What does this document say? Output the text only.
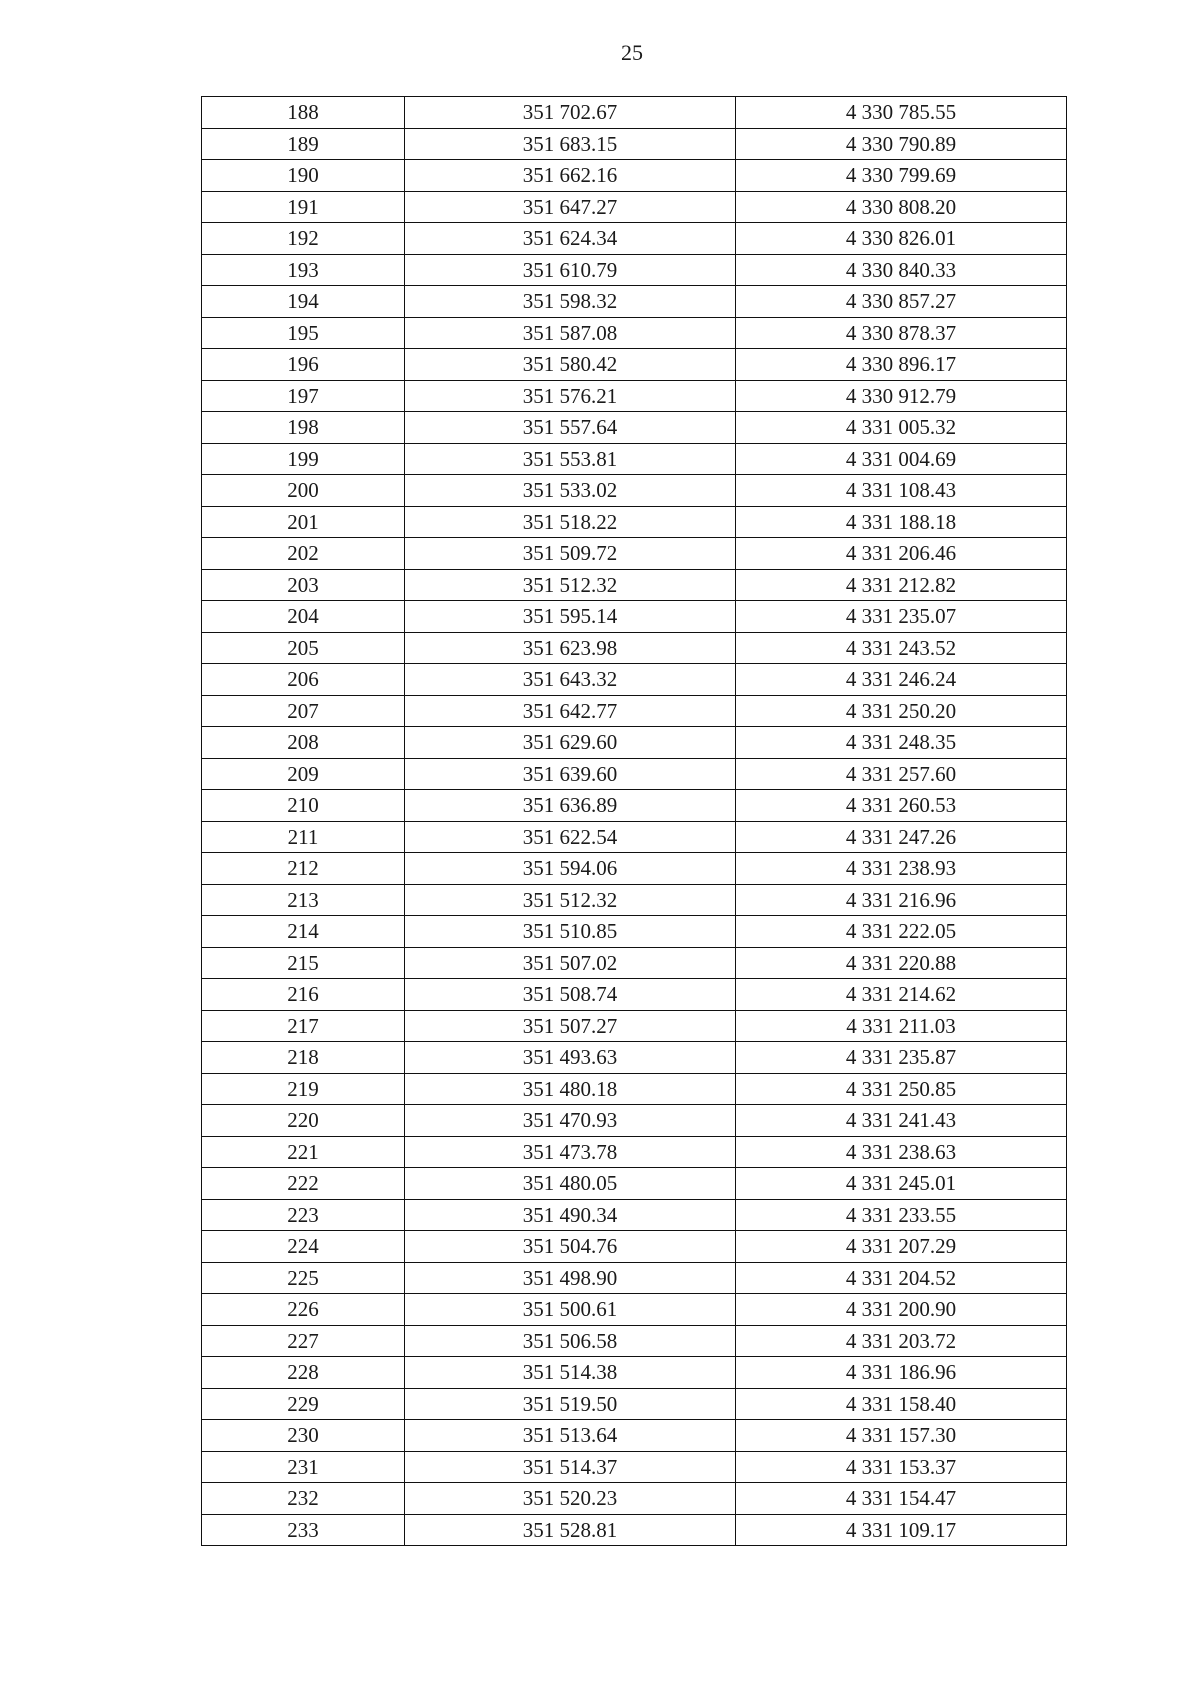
25
188	351 702.67	4 330 785.55
189	351 683.15	4 330 790.89
190	351 662.16	4 330 799.69
191	351 647.27	4 330 808.20
192	351 624.34	4 330 826.01
193	351 610.79	4 330 840.33
194	351 598.32	4 330 857.27
195	351 587.08	4 330 878.37
196	351 580.42	4 330 896.17
197	351 576.21	4 330 912.79
198	351 557.64	4 331 005.32
199	351 553.81	4 331 004.69
200	351 533.02	4 331 108.43
201	351 518.22	4 331 188.18
202	351 509.72	4 331 206.46
203	351 512.32	4 331 212.82
204	351 595.14	4 331 235.07
205	351 623.98	4 331 243.52
206	351 643.32	4 331 246.24
207	351 642.77	4 331 250.20
208	351 629.60	4 331 248.35
209	351 639.60	4 331 257.60
210	351 636.89	4 331 260.53
211	351 622.54	4 331 247.26
212	351 594.06	4 331 238.93
213	351 512.32	4 331 216.96
214	351 510.85	4 331 222.05
215	351 507.02	4 331 220.88
216	351 508.74	4 331 214.62
217	351 507.27	4 331 211.03
218	351 493.63	4 331 235.87
219	351 480.18	4 331 250.85
220	351 470.93	4 331 241.43
221	351 473.78	4 331 238.63
222	351 480.05	4 331 245.01
223	351 490.34	4 331 233.55
224	351 504.76	4 331 207.29
225	351 498.90	4 331 204.52
226	351 500.61	4 331 200.90
227	351 506.58	4 331 203.72
228	351 514.38	4 331 186.96
229	351 519.50	4 331 158.40
230	351 513.64	4 331 157.30
231	351 514.37	4 331 153.37
232	351 520.23	4 331 154.47
233	351 528.81	4 331 109.17
